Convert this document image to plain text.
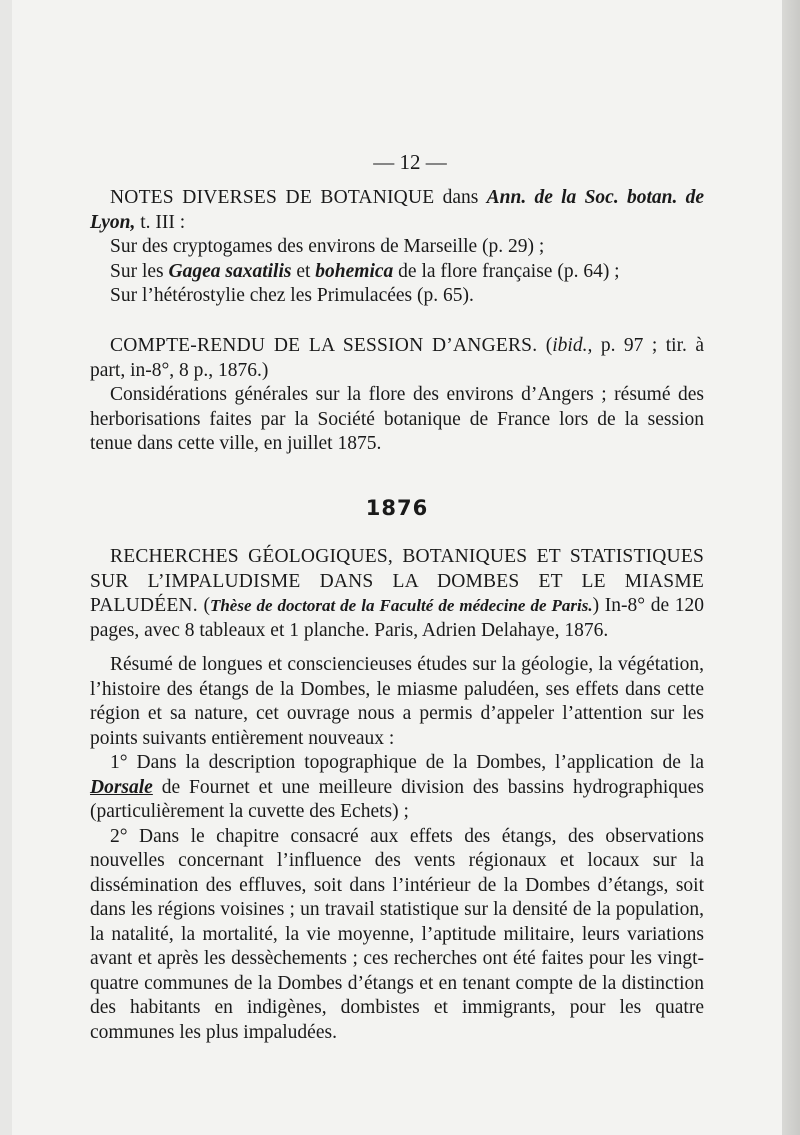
— 12 —
NOTES DIVERSES DE BOTANIQUE dans Ann. de la Soc. botan. de Lyon, t. III :
Sur des cryptogames des environs de Marseille (p. 29) ;
Sur les Gagea saxatilis et bohemica de la flore française (p. 64) ;
Sur l’hétérostylie chez les Primulacées (p. 65).
COMPTE-RENDU DE LA SESSION D’ANGERS. (ibid., p. 97 ; tir. à part, in-8°, 8 p., 1876.)
Considérations générales sur la flore des environs d’Angers ; résumé des herborisations faites par la Société botanique de France lors de la session tenue dans cette ville, en juillet 1875.
1876
RECHERCHES GÉOLOGIQUES, BOTANIQUES ET STATISTIQUES SUR L’IMPALUDISME DANS LA DOMBES ET LE MIASME PALUDÉEN. (Thèse de doctorat de la Faculté de médecine de Paris.) In-8° de 120 pages, avec 8 tableaux et 1 planche. Paris, Adrien Delahaye, 1876.
Résumé de longues et consciencieuses études sur la géologie, la végétation, l’histoire des étangs de la Dombes, le miasme paludéen, ses effets dans cette région et sa nature, cet ouvrage nous a permis d’appeler l’attention sur les points suivants entièrement nouveaux :
1° Dans la description topographique de la Dombes, l’application de la Dorsale de Fournet et une meilleure division des bassins hydrographiques (particulièrement la cuvette des Echets) ;
2° Dans le chapitre consacré aux effets des étangs, des observations nouvelles concernant l’influence des vents régionaux et locaux sur la dissémination des effluves, soit dans l’intérieur de la Dombes d’étangs, soit dans les régions voisines ; un travail statistique sur la densité de la population, la natalité, la mortalité, la vie moyenne, l’aptitude militaire, leurs variations avant et après les dessèchements ; ces recherches ont été faites pour les vingt-quatre communes de la Dombes d’étangs et en tenant compte de la distinction des habitants en indigènes, dombistes et immigrants, pour les quatre communes les plus impaludées.
